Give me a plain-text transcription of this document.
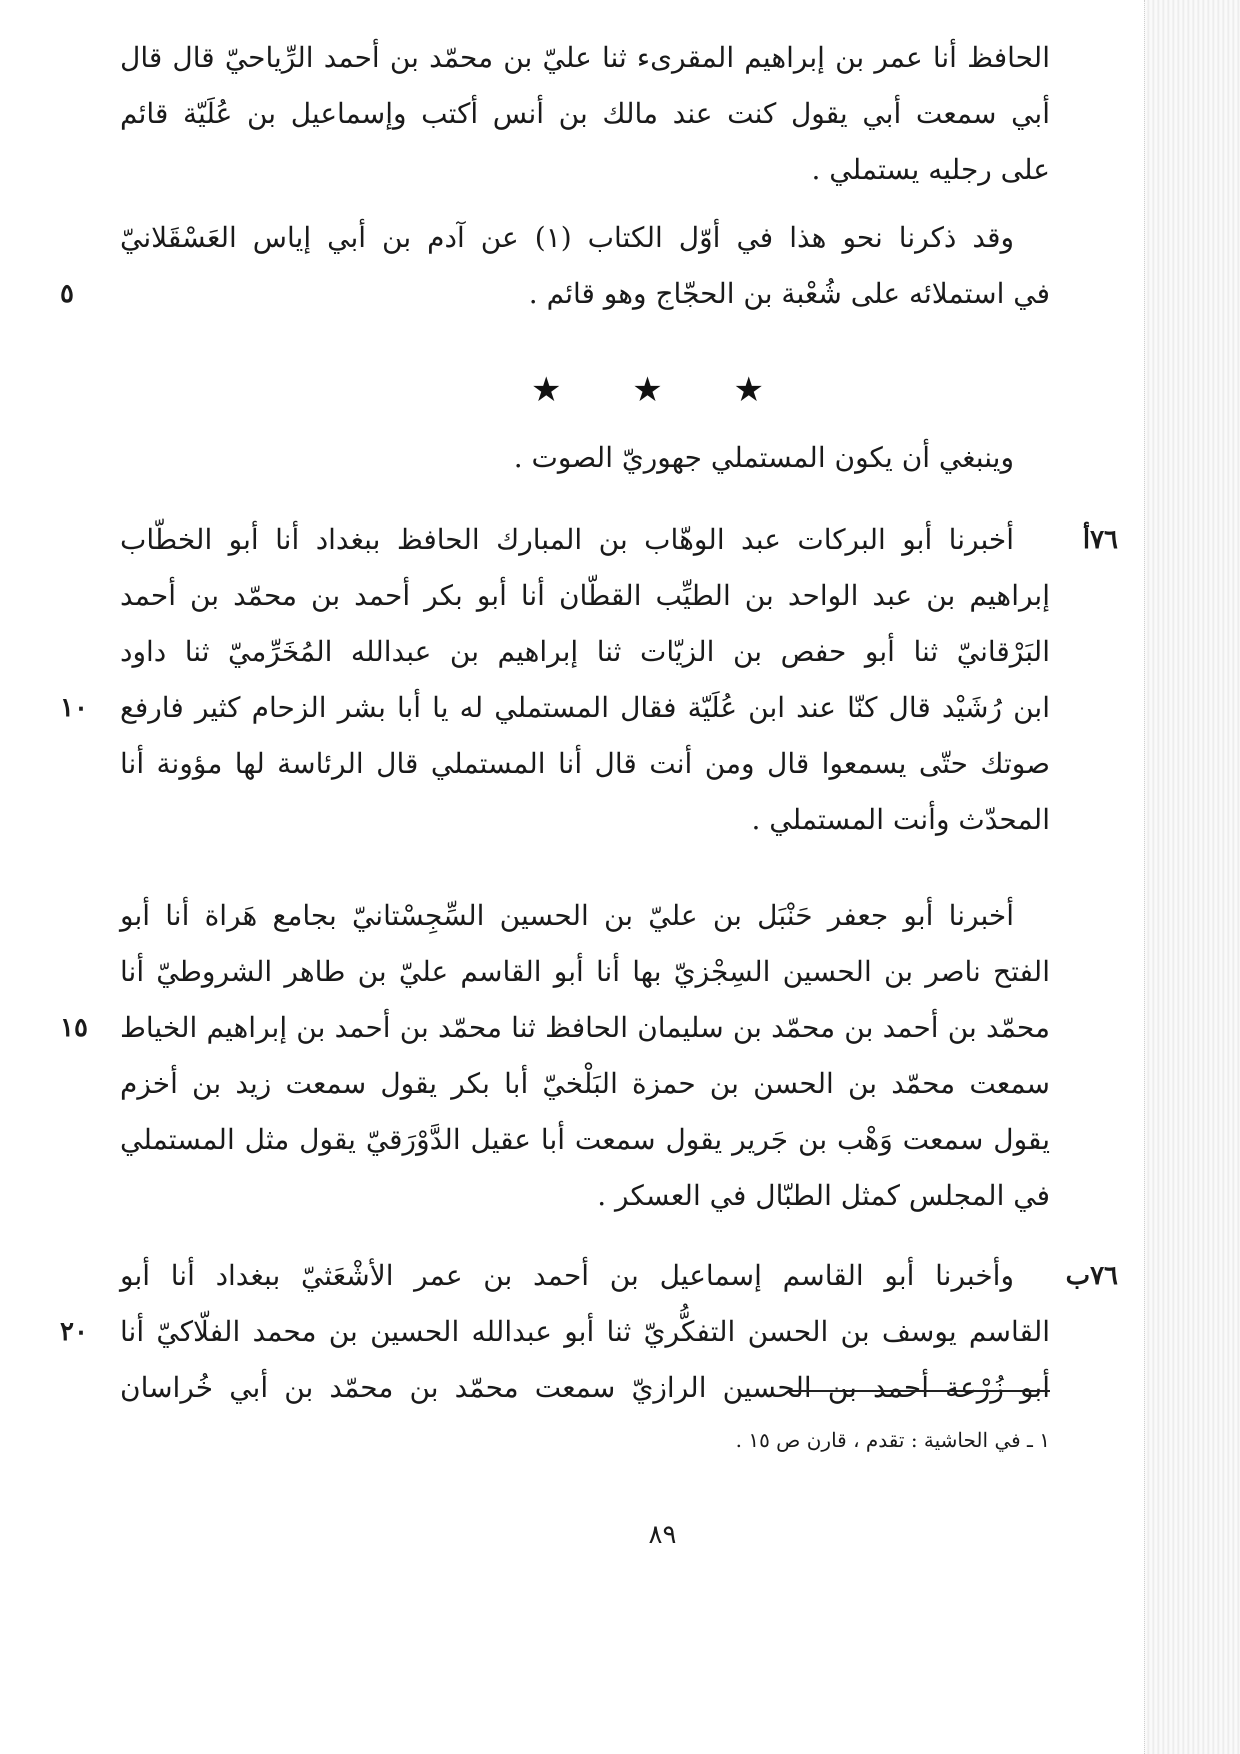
الحافظ أنا عمر بن إبراهيم المقرىء ثنا عليّ بن محمّد بن أحمد الرِّياحيّ قال قال
أبي سمعت أبي يقول كنت عند مالك بن أنس أكتب وإسماعيل بن عُلَيّة قائم
على رجليه يستملي .
وقد ذكرنا نحو هذا في أوّل الكتاب (١) عن آدم بن أبي إياس العَسْقَلانيّ
في استملائه على شُعْبة بن الحجّاج وهو قائم .
٥
★ ★ ★
وينبغي أن يكون المستملي جهوريّ الصوت .
٧٦أ
أخبرنا أبو البركات عبد الوهّاب بن المبارك الحافظ ببغداد أنا أبو الخطّاب
إبراهيم بن عبد الواحد بن الطيِّب القطّان أنا أبو بكر أحمد بن محمّد بن أحمد
البَرْقانيّ ثنا أبو حفص بن الزيّات ثنا إبراهيم بن عبدالله المُخَرِّميّ ثنا داود
ابن رُشَيْد قال كنّا عند ابن عُلَيّة فقال المستملي له يا أبا بشر الزحام كثير فارفع
صوتك حتّى يسمعوا قال ومن أنت قال أنا المستملي قال الرئاسة لها مؤونة أنا
المحدّث وأنت المستملي .
١٠
أخبرنا أبو جعفر حَنْبَل بن عليّ بن الحسين السِّجِسْتانيّ بجامع هَراة أنا أبو
الفتح ناصر بن الحسين السِجْزيّ بها أنا أبو القاسم عليّ بن طاهر الشروطيّ أنا
محمّد بن أحمد بن محمّد بن سليمان الحافظ ثنا محمّد بن أحمد بن إبراهيم الخياط
سمعت محمّد بن الحسن بن حمزة البَلْخيّ أبا بكر يقول سمعت زيد بن أخزم
يقول سمعت وَهْب بن جَرير يقول سمعت أبا عقيل الدَّوْرَقيّ يقول مثل المستملي
في المجلس كمثل الطبّال في العسكر .
١٥
٧٦ب
وأخبرنا أبو القاسم إسماعيل بن أحمد بن عمر الأشْعَثيّ ببغداد أنا أبو
القاسم يوسف بن الحسن التفكُّريّ ثنا أبو عبدالله الحسين بن محمد الفلّاكيّ أنا
أبو زُرْعة أحمد بن الحسين الرازيّ سمعت محمّد بن محمّد بن أبي خُراسان
٢٠
١ ـ في الحاشية : تقدم ، قارن ص ١٥ .
٨٩
